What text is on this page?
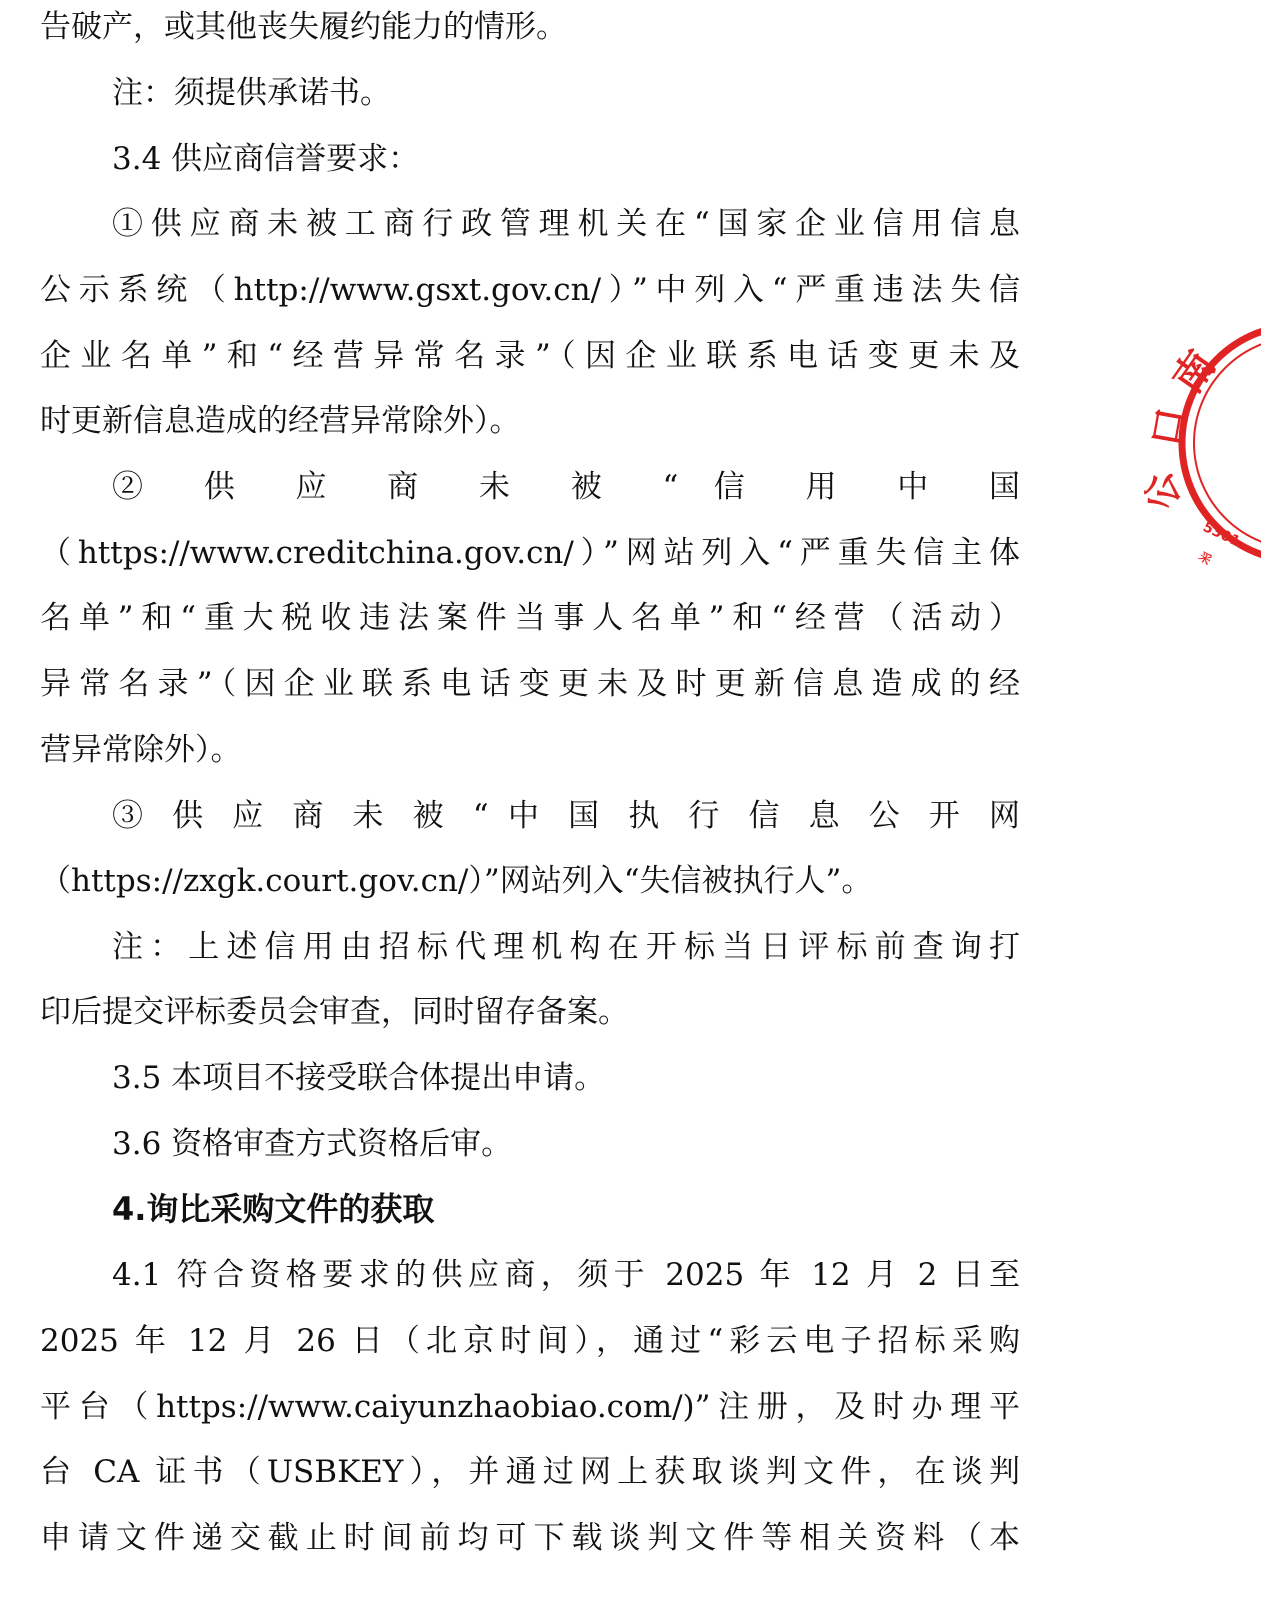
告破产，或其他丧失履约能力的情形。
注：须提供承诺书。
3.4 供应商信誉要求：
①供应商未被工商行政管理机关在“国家企业信用信息
公示系统（http://www.gsxt.gov.cn/）”中列入“严重违法失信
企业名单”和“经营异常名录”（因企业联系电话变更未及
时更新信息造成的经营异常除外）。
② 供 应 商 未 被 “ 信 用 中 国
（https://www.creditchina.gov.cn/）”网站列入“严重失信主体
名单”和“重大税收违法案件当事人名单”和“经营（活动）
异常名录”（因企业联系电话变更未及时更新信息造成的经
营异常除外）。
③ 供 应 商 未 被 “ 中 国 执 行 信 息 公 开 网
（https://zxgk.court.gov.cn/）”网站列入“失信被执行人”。
注：上述信用由招标代理机构在开标当日评标前查询打
印后提交评标委员会审查，同时留存备案。
3.5 本项目不接受联合体提出申请。
3.6 资格审查方式资格后审。
4.询比采购文件的获取
4.1 符合资格要求的供应商，须于 2025 年 12 月 2 日至
2025 年 12 月 26 日（北京时间），通过“彩云电子招标采购
平台（https://www.caiyunzhaobiao.com/)”注册，及时办理平
台 CA 证书（USBKEY），并通过网上获取谈判文件，在谈判
申请文件递交截止时间前均可下载谈判文件等相关资料（本
南
口
公
5301
采
